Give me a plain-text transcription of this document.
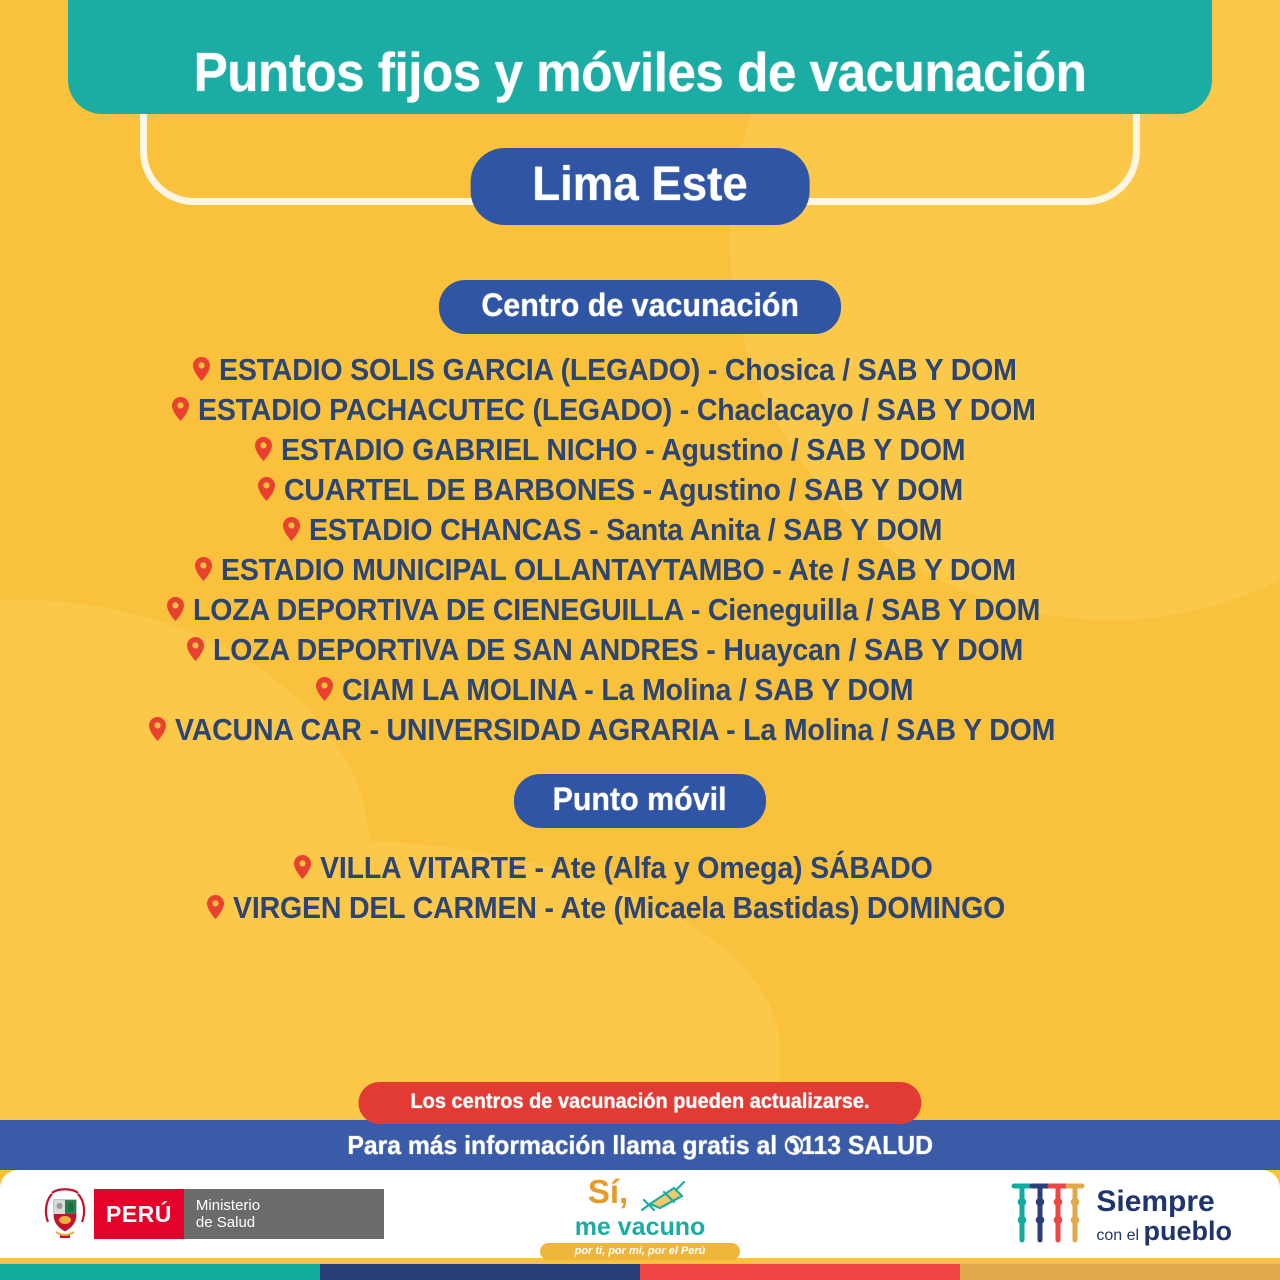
Puntos fijos y móviles de vacunación
Lima Este
Centro de vacunación
ESTADIO SOLIS GARCIA (LEGADO) - Chosica / SAB Y DOM
ESTADIO PACHACUTEC (LEGADO) - Chaclacayo / SAB Y DOM
ESTADIO GABRIEL NICHO - Agustino / SAB Y DOM
CUARTEL DE BARBONES - Agustino / SAB Y DOM
ESTADIO CHANCAS - Santa Anita / SAB Y DOM
ESTADIO MUNICIPAL OLLANTAYTAMBO - Ate / SAB Y DOM
LOZA DEPORTIVA DE CIENEGUILLA - Cieneguilla / SAB Y DOM
LOZA DEPORTIVA DE SAN ANDRES - Huaycan / SAB Y DOM
CIAM LA MOLINA - La Molina / SAB Y DOM
VACUNA CAR - UNIVERSIDAD AGRARIA - La Molina / SAB Y DOM
Punto móvil
VILLA VITARTE - Ate (Alfa y Omega) SÁBADO
VIRGEN DEL CARMEN - Ate (Micaela Bastidas) DOMINGO
Los centros de vacunación pueden actualizarse.
Para más información llama gratis al ✆113 SALUD
PERÚ	Ministerio
de Salud
Sí,
me vacuno
por ti, por mí, por el Perú
Siempre
con el pueblo
